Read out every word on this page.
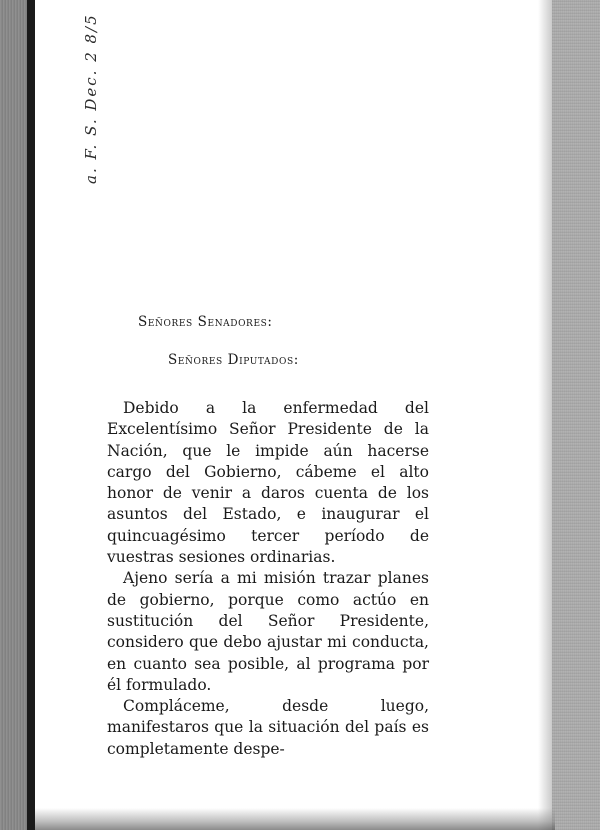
a. F. S. Dec. 2 8/5
Señores Senadores:
Señores Diputados:

Debido a la enfermedad del Excelentísimo Señor Presidente de la Nación, que le impide aún hacerse cargo del Gobierno, cábeme el alto honor de venir a daros cuenta de los asuntos del Estado, e inaugurar el quincuagésimo tercer período de vuestras sesiones ordinarias.

Ajeno sería a mi misión trazar planes de gobierno, porque como actúo en sustitución del Señor Presidente, considero que debo ajustar mi conducta, en cuanto sea posible, al programa por él formulado.

Compláceme, desde luego, manifestaros que la situación del país es completamente despe-
